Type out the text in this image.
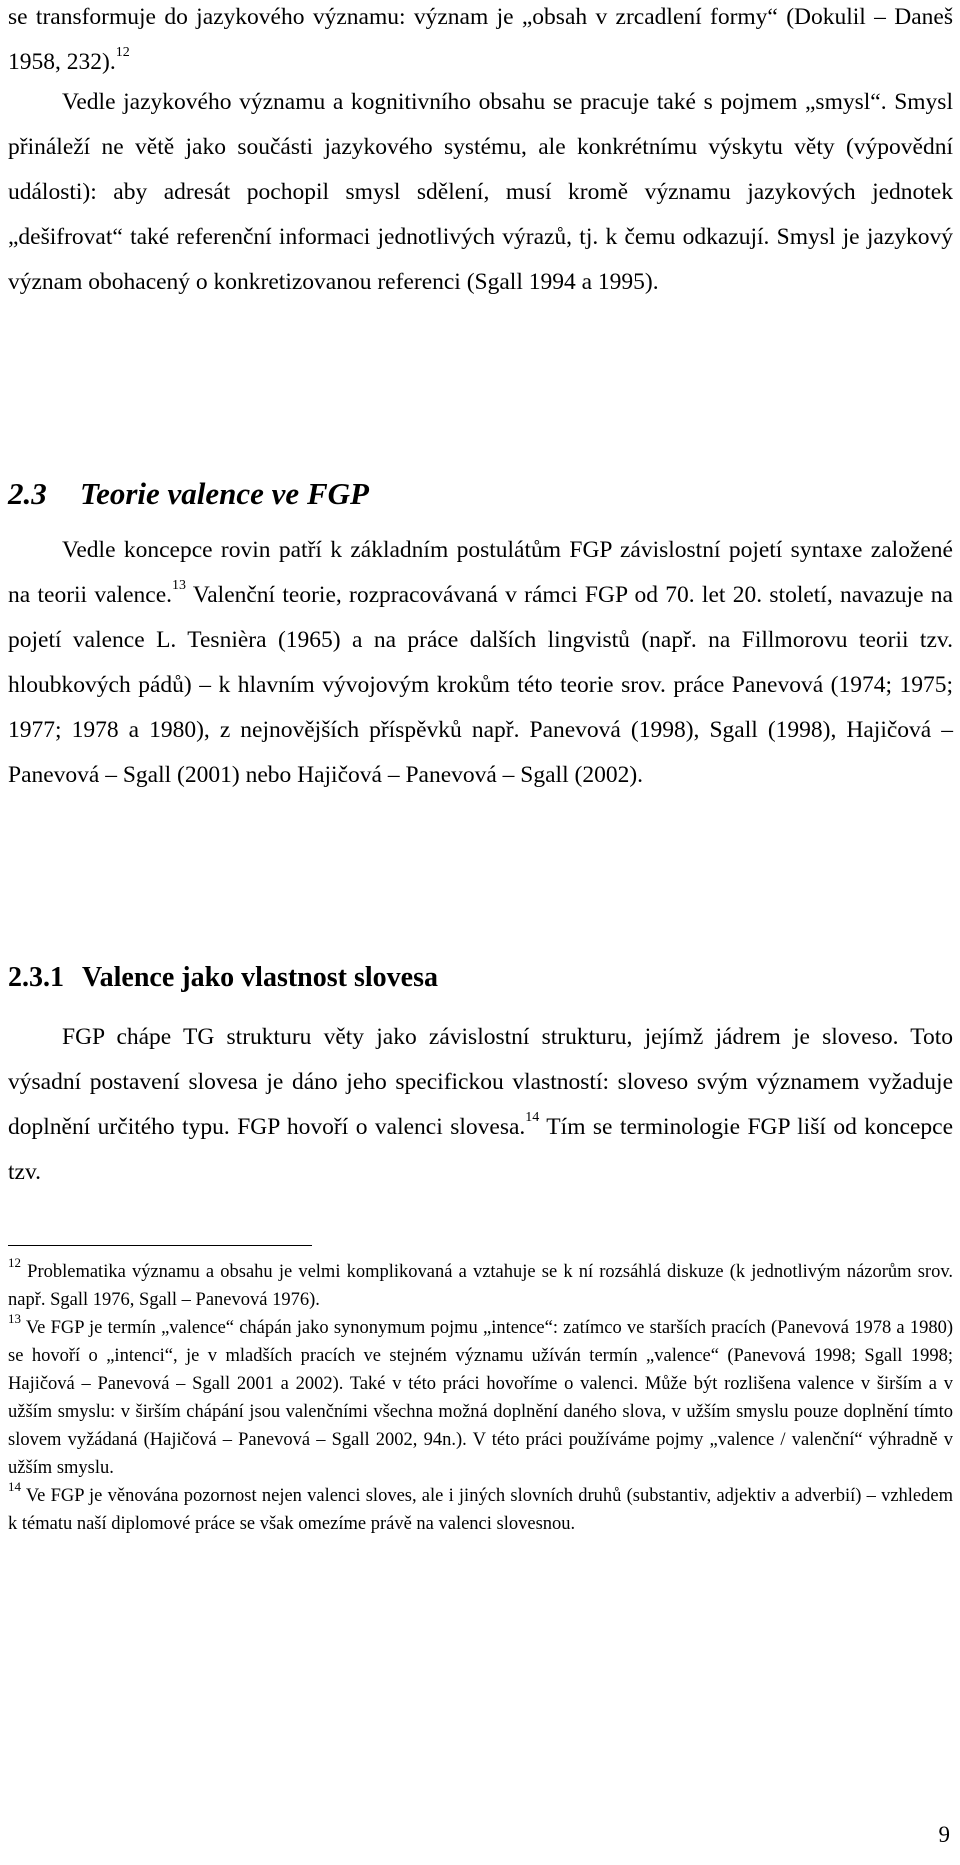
se transformuje do jazykového významu: význam je „obsah v zrcadlení formy“ (Dokulil – Daneš 1958, 232).$^{12}$

Vedle jazykového významu a kognitivního obsahu se pracuje také s pojmem „smysl“. Smysl přináleží ne větě jako součásti jazykového systému, ale konkrétnímu výskytu věty (výpovědní události): aby adresát pochopil smysl sdělení, musí kromě významu jazykových jednotek „dešifrovat“ také referenční informaci jednotlivých výrazů, tj. k čemu odkazují. Smysl je jazykový význam obohacený o konkretizovanou referenci (Sgall 1994 a 1995).

2.3 Teorie valence ve FGP

Vedle koncepce rovin patří k základním postulátům FGP závislostní pojetí syntaxe založené na teorii valence.$^{13}$ Valenční teorie, rozpracovávaná v rámci FGP od 70. let 20. století, navazuje na pojetí valence L. Tesnièra (1965) a na práce dalších lingvistů (např. na Fillmorovu teorii tzv. hloubkových pádů) – k hlavním vývojovým krokům této teorie srov. práce Panevová (1974; 1975; 1977; 1978 a 1980), z nejnovějších příspěvků např. Panevová (1998), Sgall (1998), Hajičová – Panevová – Sgall (2001) nebo Hajičová – Panevová – Sgall (2002).

2.3.1 Valence jako vlastnost slovesa

FGP chápe TG strukturu věty jako závislostní strukturu, jejímž jádrem je sloveso. Toto výsadní postavení slovesa je dáno jeho specifickou vlastností: sloveso svým významem vyžaduje doplnění určitého typu. FGP hovoří o valenci slovesa.$^{14}$ Tím se terminologie FGP liší od koncepce tzv.

$^{12}$ Problematika významu a obsahu je velmi komplikovaná a vztahuje se k ní rozsáhlá diskuze (k jednotlivým názorům srov. např. Sgall 1976, Sgall – Panevová 1976).

$^{13}$ Ve FGP je termín „valence“ chápán jako synonymum pojmu „intence“: zatímco ve starších pracích (Panevová 1978 a 1980) se hovoří o „intenci“, je v mladších pracích ve stejném významu užíván termín „valence“ (Panevová 1998; Sgall 1998; Hajičová – Panevová – Sgall 2001 a 2002). Také v této práci hovoříme o valenci. Může být rozlišena valence v širším a v užším smyslu: v širším chápání jsou valenčními všechna možná doplnění daného slova, v užším smyslu pouze doplnění tímto slovem vyžádaná (Hajičová – Panevová – Sgall 2002, 94n.). V této práci používáme pojmy „valence / valenční“ výhradně v užším smyslu.

$^{14}$ Ve FGP je věnována pozornost nejen valenci sloves, ale i jiných slovních druhů (substantiv, adjektiv a adverbií) – vzhledem k tématu naší diplomové práce se však omezíme právě na valenci slovesnou.

9
